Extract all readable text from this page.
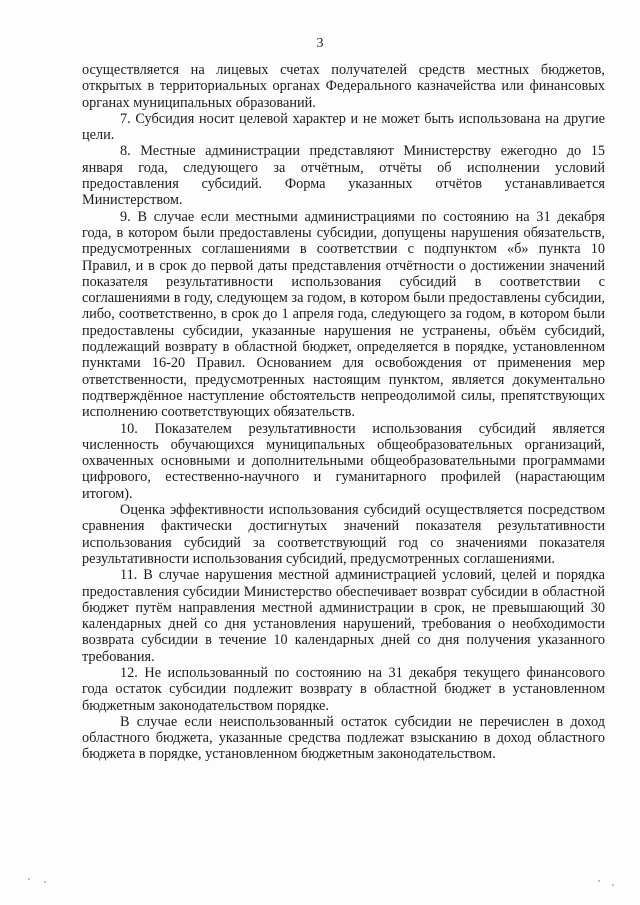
3

осуществляется на лицевых счетах получателей средств местных бюджетов, открытых в территориальных органах Федерального казначейства или финансовых органах муниципальных образований.

7. Субсидия носит целевой характер и не может быть использована на другие цели.

8. Местные администрации представляют Министерству ежегодно до 15 января года, следующего за отчётным, отчёты об исполнении условий предоставления субсидий. Форма указанных отчётов устанавливается Министерством.

9. В случае если местными администрациями по состоянию на 31 декабря года, в котором были предоставлены субсидии, допущены нарушения обязательств, предусмотренных соглашениями в соответствии с подпунктом «б» пункта 10 Правил, и в срок до первой даты представления отчётности о достижении значений показателя результативности использования субсидий в соответствии с соглашениями в году, следующем за годом, в котором были предоставлены субсидии, либо, соответственно, в срок до 1 апреля года, следующего за годом, в котором были предоставлены субсидии, указанные нарушения не устранены, объём субсидий, подлежащий возврату в областной бюджет, определяется в порядке, установленном пунктами 16-20 Правил. Основанием для освобождения от применения мер ответственности, предусмотренных настоящим пунктом, является документально подтверждённое наступление обстоятельств непреодолимой силы, препятствующих исполнению соответствующих обязательств.

10. Показателем результативности использования субсидий является численность обучающихся муниципальных общеобразовательных организаций, охваченных основными и дополнительными общеобразовательными программами цифрового, естественно-научного и гуманитарного профилей (нарастающим итогом).

Оценка эффективности использования субсидий осуществляется посредством сравнения фактически достигнутых значений показателя результативности использования субсидий за соответствующий год со значениями показателя результативности использования субсидий, предусмотренных соглашениями.

11. В случае нарушения местной администрацией условий, целей и порядка предоставления субсидии Министерство обеспечивает возврат субсидии в областной бюджет путём направления местной администрации в срок, не превышающий 30 календарных дней со дня установления нарушений, требования о необходимости возврата субсидии в течение 10 календарных дней со дня получения указанного требования.

12. Не использованный по состоянию на 31 декабря текущего финансового года остаток субсидии подлежит возврату в областной бюджет в установленном бюджетным законодательством порядке.

В случае если неиспользованный остаток субсидии не перечислен в доход областного бюджета, указанные средства подлежат взысканию в доход областного бюджета в порядке, установленном бюджетным законодательством.
